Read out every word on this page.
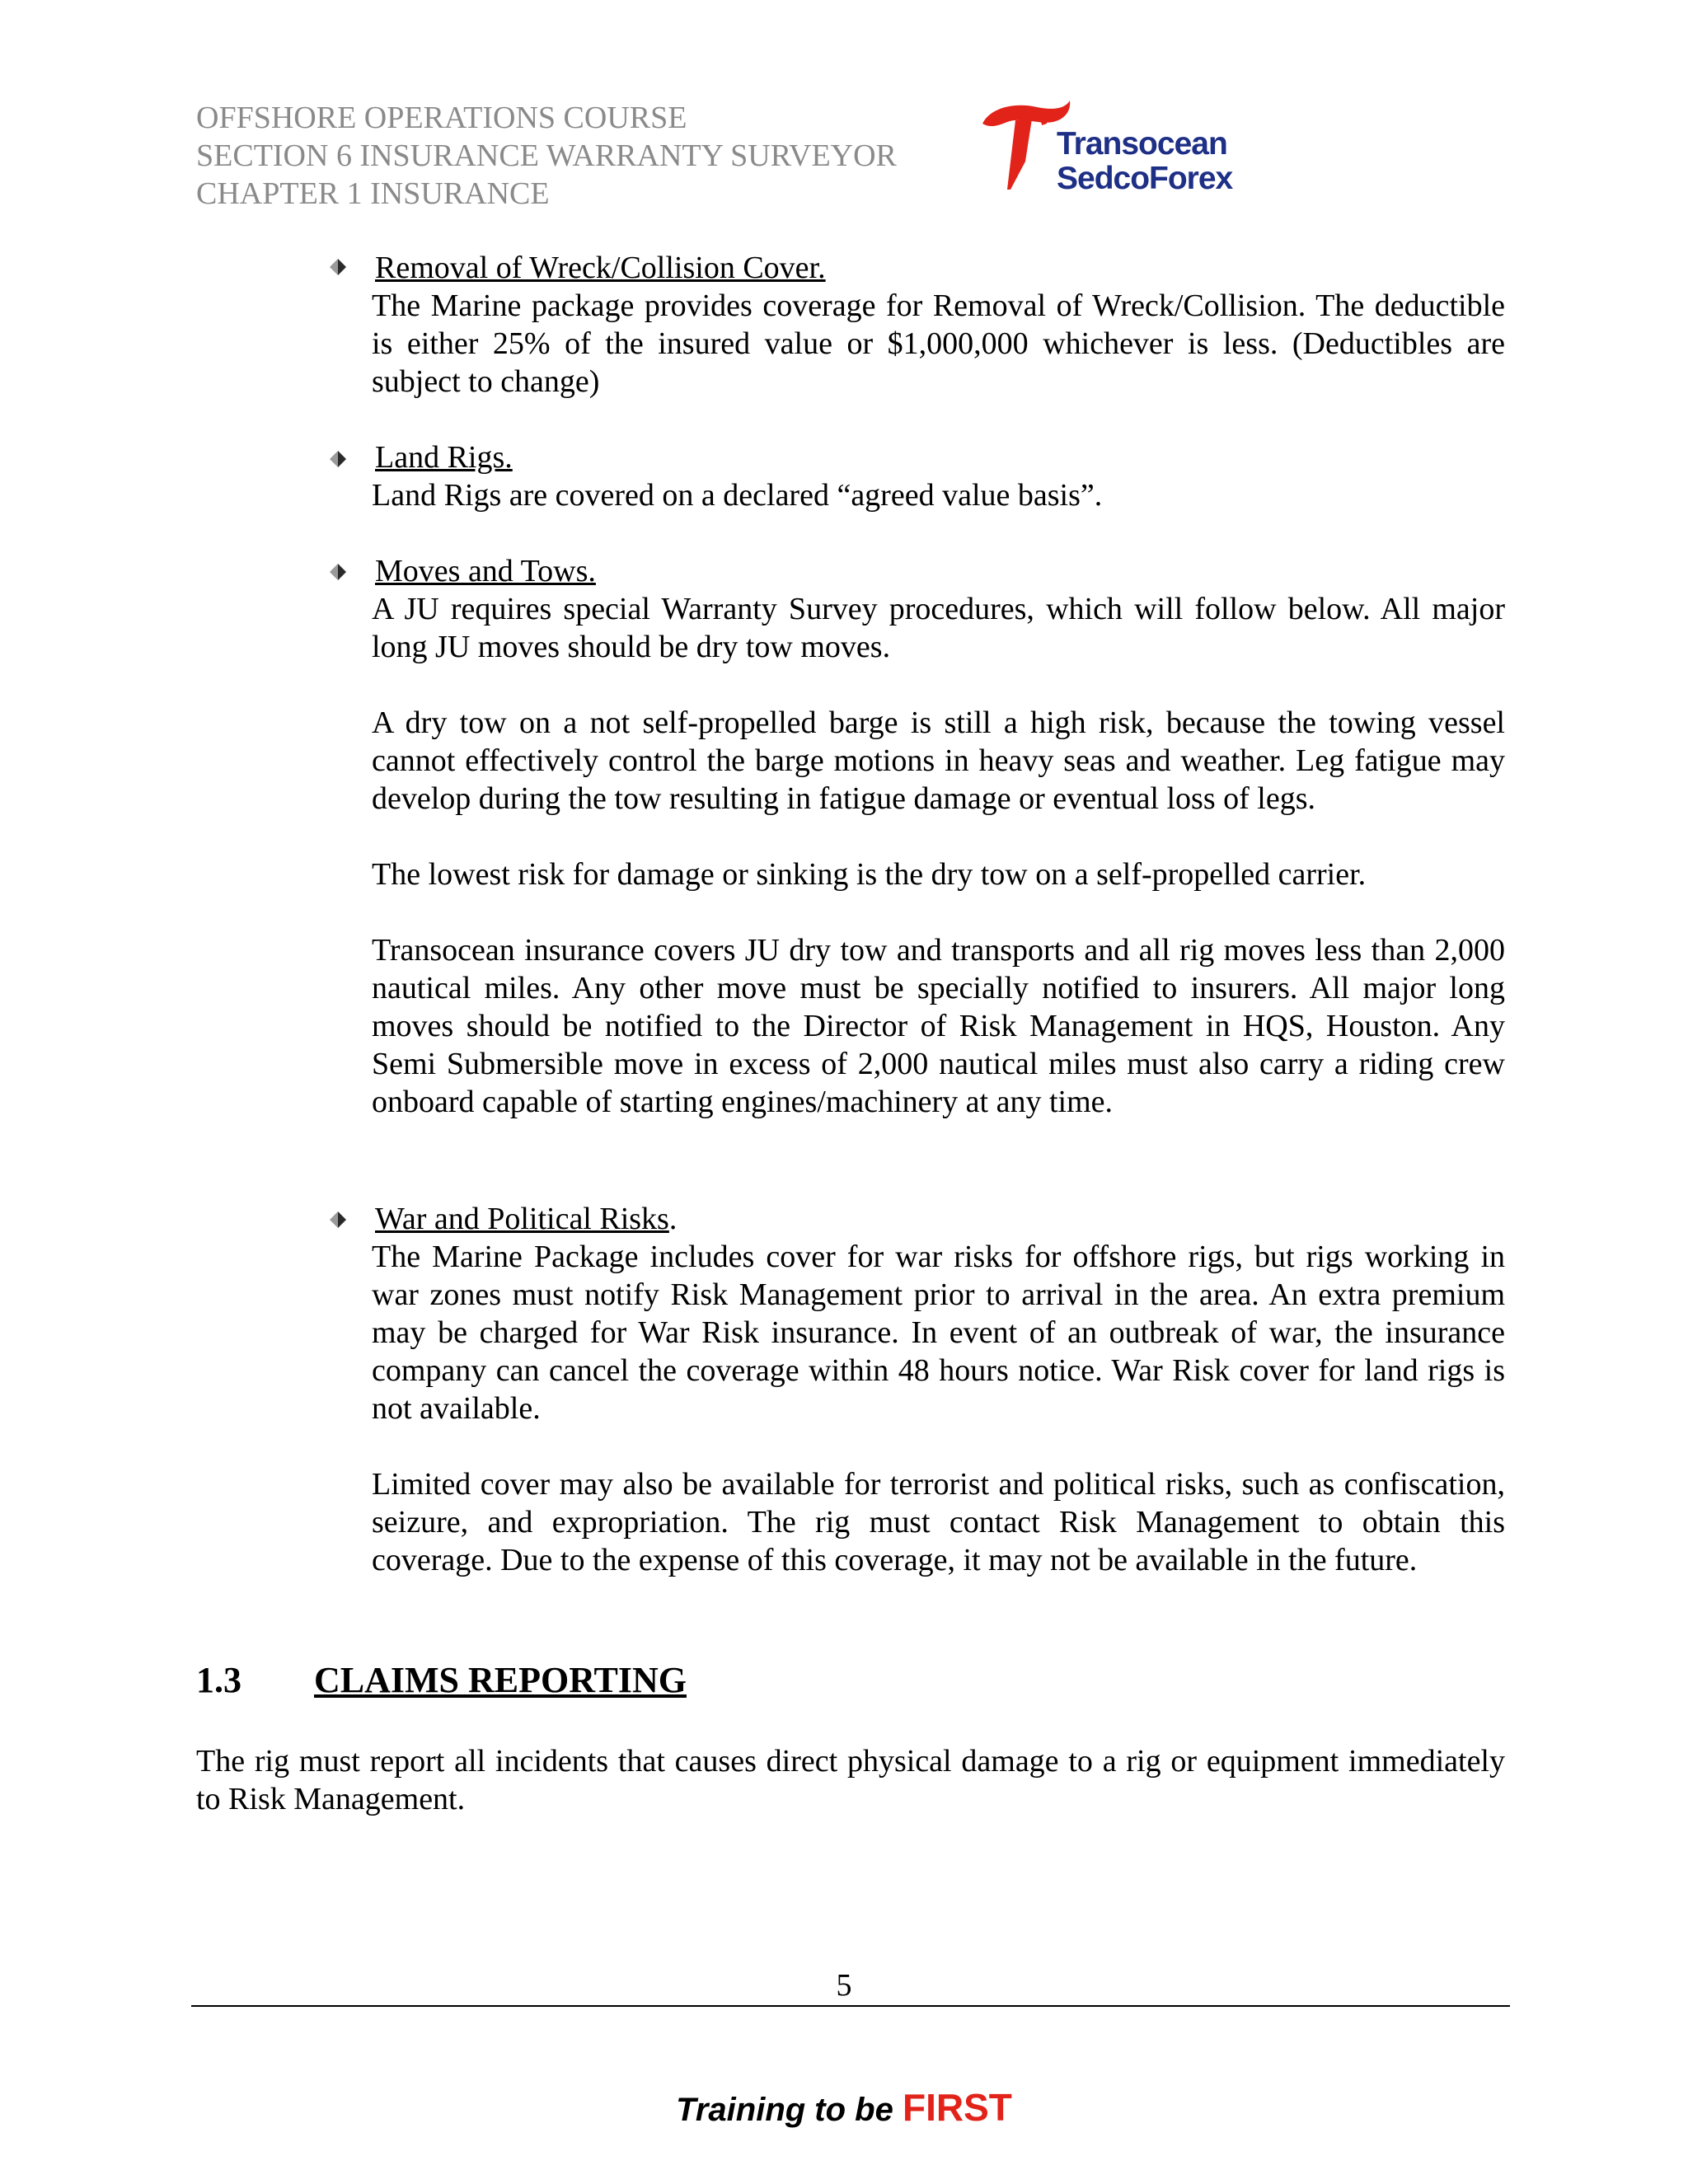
OFFSHORE OPERATIONS COURSE
SECTION 6 INSURANCE WARRANTY SURVEYOR
CHAPTER 1 INSURANCE
Transocean
SedcoForex
Removal of Wreck/Collision Cover.
The Marine package provides coverage for Removal of Wreck/Collision. The deductible is either 25% of the insured value or $1,000,000 whichever is less. (Deductibles are subject to change)
Land Rigs.
Land Rigs are covered on a declared “agreed value basis”.
Moves and Tows.
A JU requires special Warranty Survey procedures, which will follow below. All major long JU moves should be dry tow moves.
A dry tow on a not self-propelled barge is still a high risk, because the towing vessel cannot effectively control the barge motions in heavy seas and weather. Leg fatigue may develop during the tow resulting in fatigue damage or eventual loss of legs.
The lowest risk for damage or sinking is the dry tow on a self-propelled carrier.
Transocean insurance covers JU dry tow and transports and all rig moves less than 2,000 nautical miles. Any other move must be specially notified to insurers. All major long moves should be notified to the Director of Risk Management in HQS, Houston. Any Semi Submersible move in excess of 2,000 nautical miles must also carry a riding crew onboard capable of starting engines/machinery at any time.
War and Political Risks.
The Marine Package includes cover for war risks for offshore rigs, but rigs working in war zones must notify Risk Management prior to arrival in the area. An extra premium may be charged for War Risk insurance. In event of an outbreak of war, the insurance company can cancel the coverage within 48 hours notice. War Risk cover for land rigs is not available.
Limited cover may also be available for terrorist and political risks, such as confiscation, seizure, and expropriation. The rig must contact Risk Management to obtain this coverage. Due to the expense of this coverage, it may not be available in the future.
1.3 CLAIMS REPORTING
The rig must report all incidents that causes direct physical damage to a rig or equipment immediately to Risk Management.
5
Training to be FIRST
